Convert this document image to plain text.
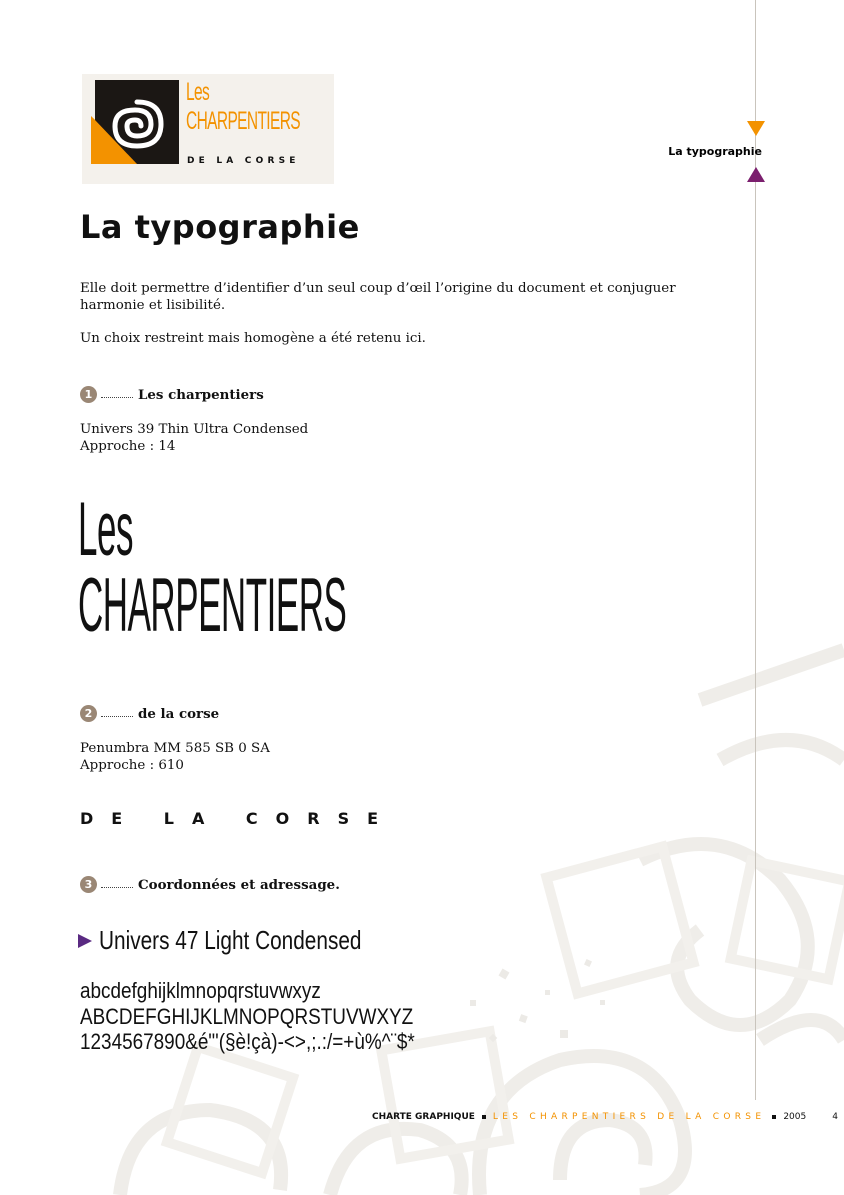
La typographie
Les
CHARPENTIERS
DE LA CORSE
La typographie

Elle doit permettre d’identifier d’un seul coup d’œil l’origine du document et conjuguer harmonie et lisibilité.

Un choix restreint mais homogène a été retenu ici.

1	Les charpentiers

Univers 39 Thin Ultra Condensed

Approche : 14

Les
CHARPENTIERS
2	de la corse

Penumbra MM 585 SB 0 SA

Approche : 610

DE LA CORSE
3	Coordonnées et adressage.
Univers 47 Light Condensed
abcdefghijklmnopqrstuvwxyz
ABCDEFGHIJKLMNOPQRSTUVWXYZ
1234567890&é"'(§è!çà)-<>,;.:/=+ù%^¨$*
CHARTE GRAPHIQUE LES CHARPENTIERS DE LA CORSE 2005	4
